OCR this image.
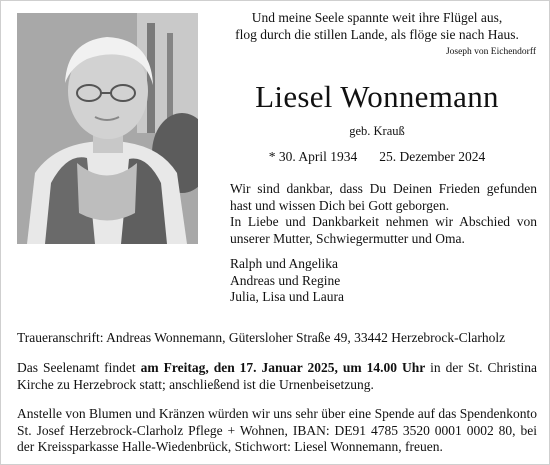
Und meine Seele spannte weit ihre Flügel aus,
flog durch die stillen Lande, als flöge sie nach Haus.
Joseph von Eichendorff
Liesel Wonnemann
geb. Krauß
* 30. April 1934 25. Dezember 2024
Wir sind dankbar, dass Du Deinen Frieden gefunden
hast und wissen Dich bei Gott geborgen.
In Liebe und Dankbarkeit nehmen wir Abschied von
unserer Mutter, Schwiegermutter und Oma.
Ralph und Angelika
Andreas und Regine
Julia, Lisa und Laura
Traueranschrift: Andreas Wonnemann, Gütersloher Straße 49, 33442 Herzebrock-Clarholz
Das Seelenamt findet am Freitag, den 17. Januar 2025, um 14.00 Uhr in der St. Christina
Kirche zu Herzebrock statt; anschließend ist die Urnenbeisetzung.
Anstelle von Blumen und Kränzen würden wir uns sehr über eine Spende auf das Spendenkonto
St. Josef Herzebrock-Clarholz Pflege + Wohnen, IBAN: DE91 4785 3520 0001 0002 80, bei
der Kreissparkasse Halle-Wiedenbrück, Stichwort: Liesel Wonnemann, freuen.
